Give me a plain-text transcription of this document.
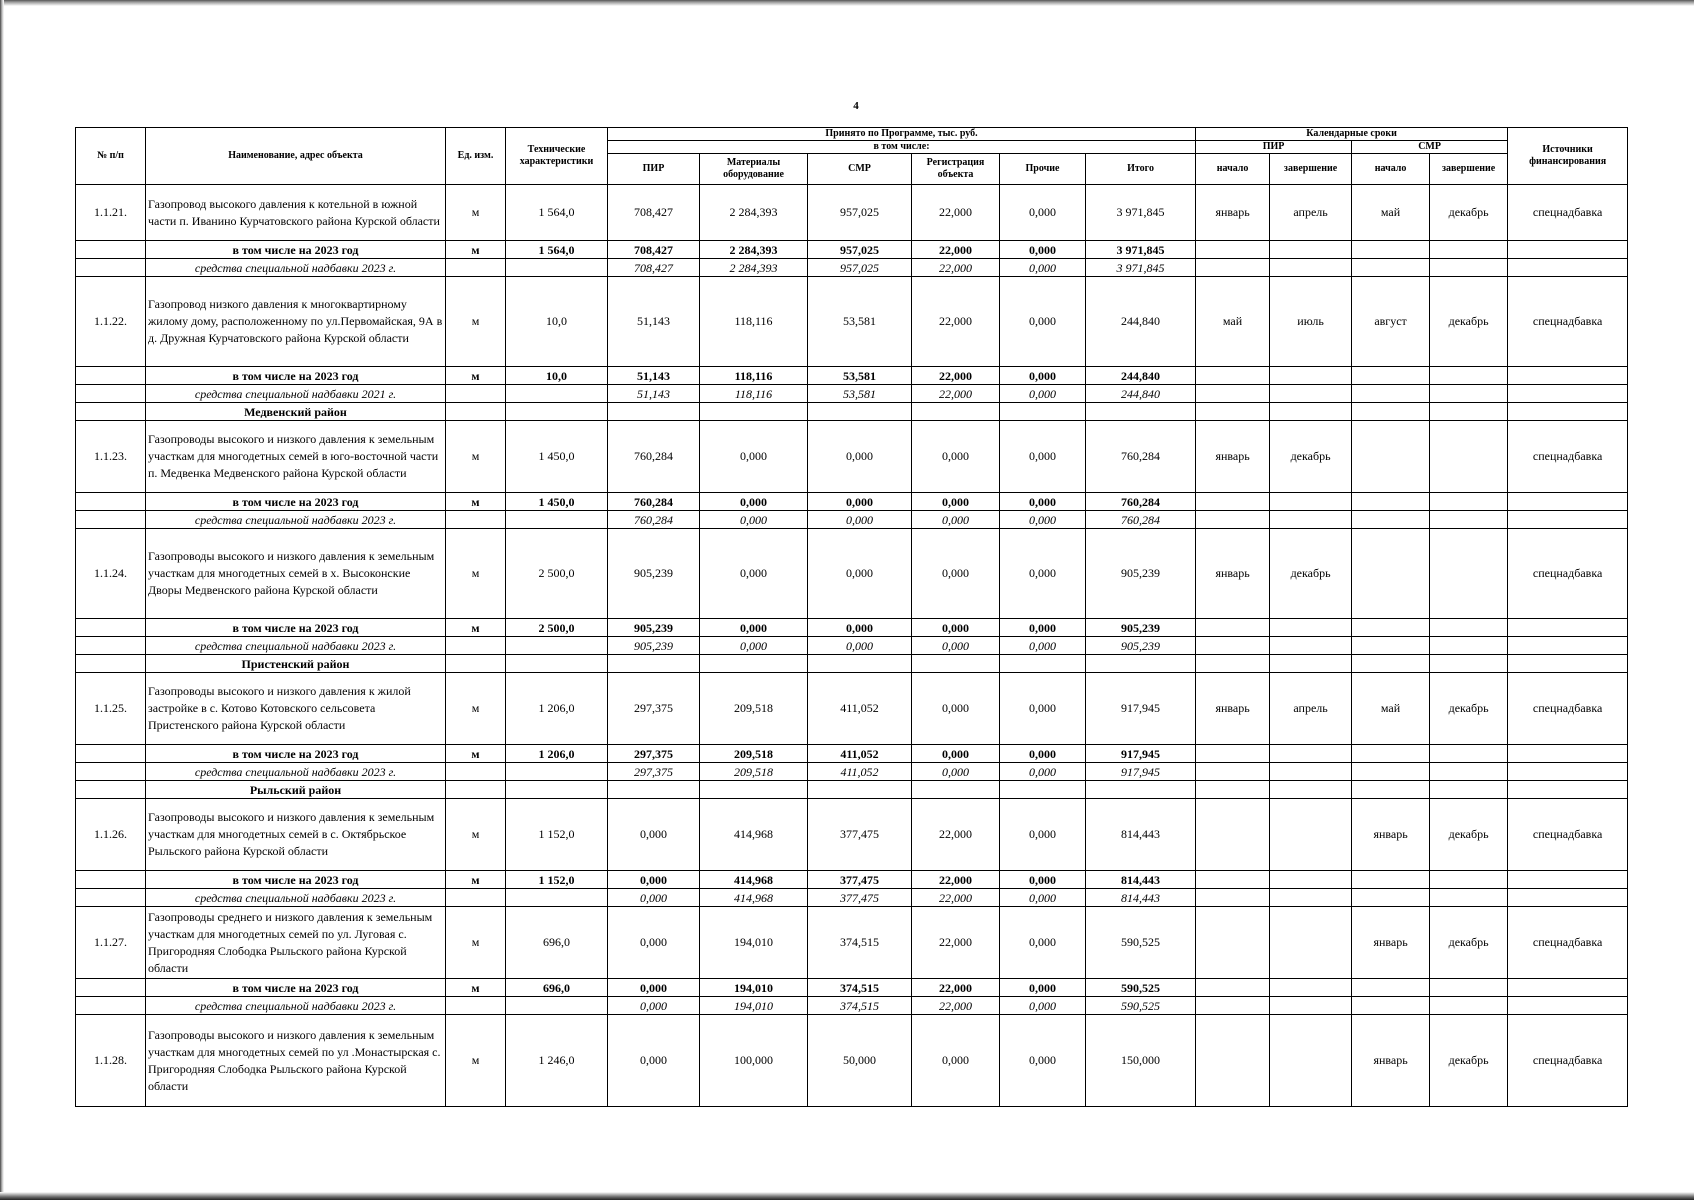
4
№ п/п	Наименование, адрес объекта	Ед. изм.	Технические характеристики	Принято по Программе, тыс. руб.						Календарные сроки				Источники финансирования
				в том числе:						ПИР		СМР		
				ПИР	Материалы оборудование	СМР	Регистрация объекта	Прочие	Итого	начало	завершение	начало	завершение	
1.1.21.	Газопровод высокого давления к котельной в южной части п. Иванино Курчатовского района Курской области	м	1 564,0	708,427	2 284,393	957,025	22,000	0,000	3 971,845	январь	апрель	май	декабрь	спецнадбавка
	в том числе на 2023 год	м	1 564,0	708,427	2 284,393	957,025	22,000	0,000	3 971,845					
	средства специальной надбавки 2023 г.			708,427	2 284,393	957,025	22,000	0,000	3 971,845					
1.1.22.	Газопровод низкого давления к многоквартирному жилому дому, расположенному по ул.Первомайская, 9А в д. Дружная Курчатовского района Курской области	м	10,0	51,143	118,116	53,581	22,000	0,000	244,840	май	июль	август	декабрь	спецнадбавка
	в том числе на 2023 год	м	10,0	51,143	118,116	53,581	22,000	0,000	244,840					
	средства специальной надбавки 2021 г.			51,143	118,116	53,581	22,000	0,000	244,840					
	Медвенский район													
1.1.23.	Газопроводы высокого и низкого давления к земельным участкам для многодетных семей в юго-восточной части п. Медвенка Медвенского района Курской области	м	1 450,0	760,284	0,000	0,000	0,000	0,000	760,284	январь	декабрь			спецнадбавка
	в том числе на 2023 год	м	1 450,0	760,284	0,000	0,000	0,000	0,000	760,284					
	средства специальной надбавки 2023 г.			760,284	0,000	0,000	0,000	0,000	760,284					
1.1.24.	Газопроводы высокого и низкого давления к земельным участкам для многодетных семей в х. Высоконские Дворы Медвенского района Курской области	м	2 500,0	905,239	0,000	0,000	0,000	0,000	905,239	январь	декабрь			спецнадбавка
	в том числе на 2023 год	м	2 500,0	905,239	0,000	0,000	0,000	0,000	905,239					
	средства специальной надбавки 2023 г.			905,239	0,000	0,000	0,000	0,000	905,239					
	Пристенский район													
1.1.25.	Газопроводы высокого и низкого давления к жилой застройке в с. Котово Котовского сельсовета Пристенского района Курской области	м	1 206,0	297,375	209,518	411,052	0,000	0,000	917,945	январь	апрель	май	декабрь	спецнадбавка
	в том числе на 2023 год	м	1 206,0	297,375	209,518	411,052	0,000	0,000	917,945					
	средства специальной надбавки 2023 г.			297,375	209,518	411,052	0,000	0,000	917,945					
	Рыльский район													
1.1.26.	Газопроводы высокого и низкого давления к земельным участкам для многодетных семей в с. Октябрьское Рыльского района Курской области	м	1 152,0	0,000	414,968	377,475	22,000	0,000	814,443			январь	декабрь	спецнадбавка
	в том числе на 2023 год	м	1 152,0	0,000	414,968	377,475	22,000	0,000	814,443					
	средства специальной надбавки 2023 г.			0,000	414,968	377,475	22,000	0,000	814,443					
1.1.27.	Газопроводы среднего и низкого давления к земельным участкам для многодетных семей по ул. Луговая с. Пригородняя Слободка Рыльского района Курской области	м	696,0	0,000	194,010	374,515	22,000	0,000	590,525			январь	декабрь	спецнадбавка
	в том числе на 2023 год	м	696,0	0,000	194,010	374,515	22,000	0,000	590,525					
	средства специальной надбавки 2023 г.			0,000	194,010	374,515	22,000	0,000	590,525					
1.1.28.	Газопроводы высокого и низкого давления к земельным участкам для многодетных семей по ул .Монастырская с. Пригородняя Слободка Рыльского района Курской области	м	1 246,0	0,000	100,000	50,000	0,000	0,000	150,000			январь	декабрь	спецнадбавка
